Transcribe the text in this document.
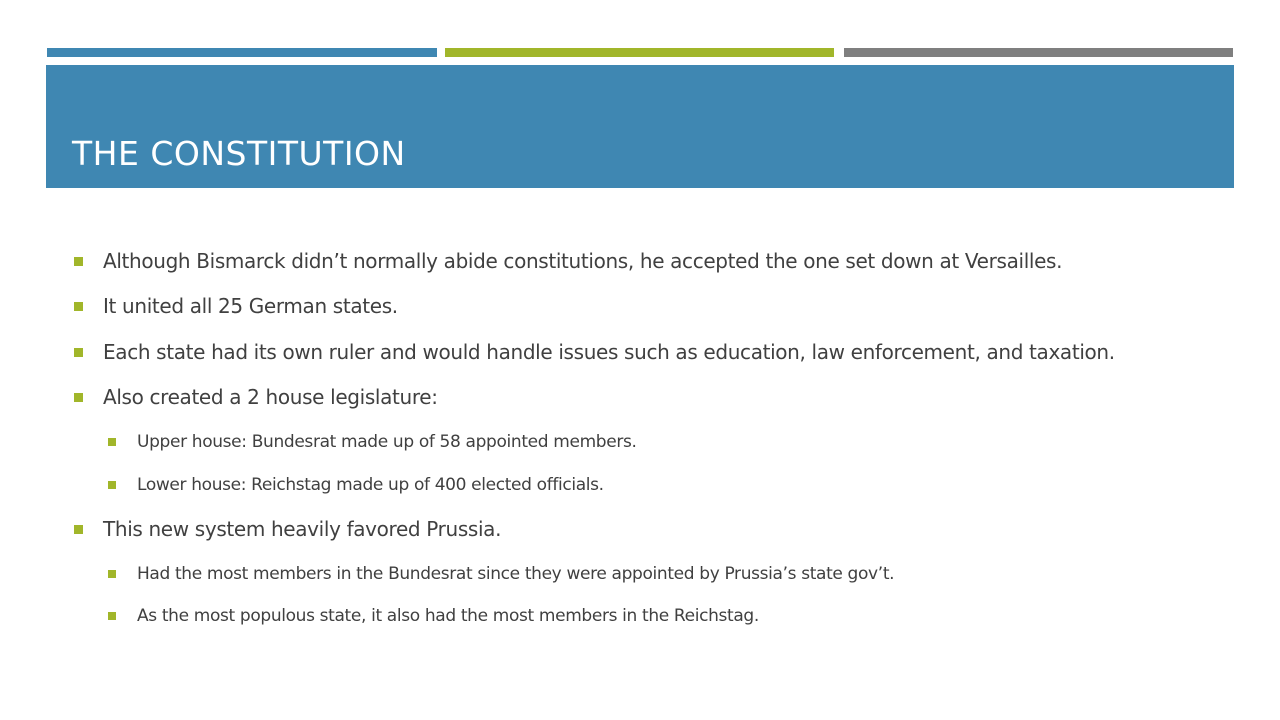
THE CONSTITUTION
Although Bismarck didn’t normally abide constitutions, he accepted the one set down at Versailles.
It united all 25 German states.
Each state had its own ruler and would handle issues such as education, law enforcement, and taxation.
Also created a 2 house legislature:
Upper house: Bundesrat made up of 58 appointed members.
Lower house: Reichstag made up of 400 elected officials.
This new system heavily favored Prussia.
Had the most members in the Bundesrat since they were appointed by Prussia’s state gov’t.
As the most populous state, it also had the most members in the Reichstag.
